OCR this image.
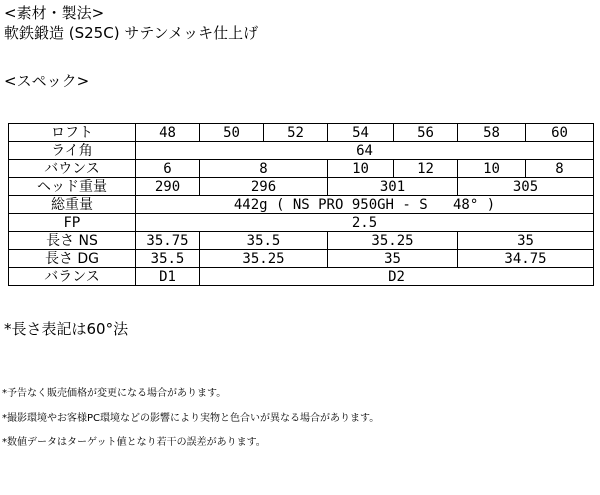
<素材・製法>
軟鉄鍛造 (S25C) サテンメッキ仕上げ
<スペック>
ロフト	48	50	52	54	56	58	60
ライ角	64						
バウンス	6	8		10	12	10	8
ヘッド重量	290	296		301		305	
総重量	442g ( NS PRO 950GH - S   48° )						
FP	2.5						
長さ NS	35.75	35.5		35.25		35	
長さ DG	35.5	35.25		35		34.75	
バランス	D1	D2					
*長さ表記は60°法
*予告なく販売価格が変更になる場合があります。
*撮影環境やお客様PC環境などの影響により実物と色合いが異なる場合があります。
*数値データはターゲット値となり若干の誤差があります。
